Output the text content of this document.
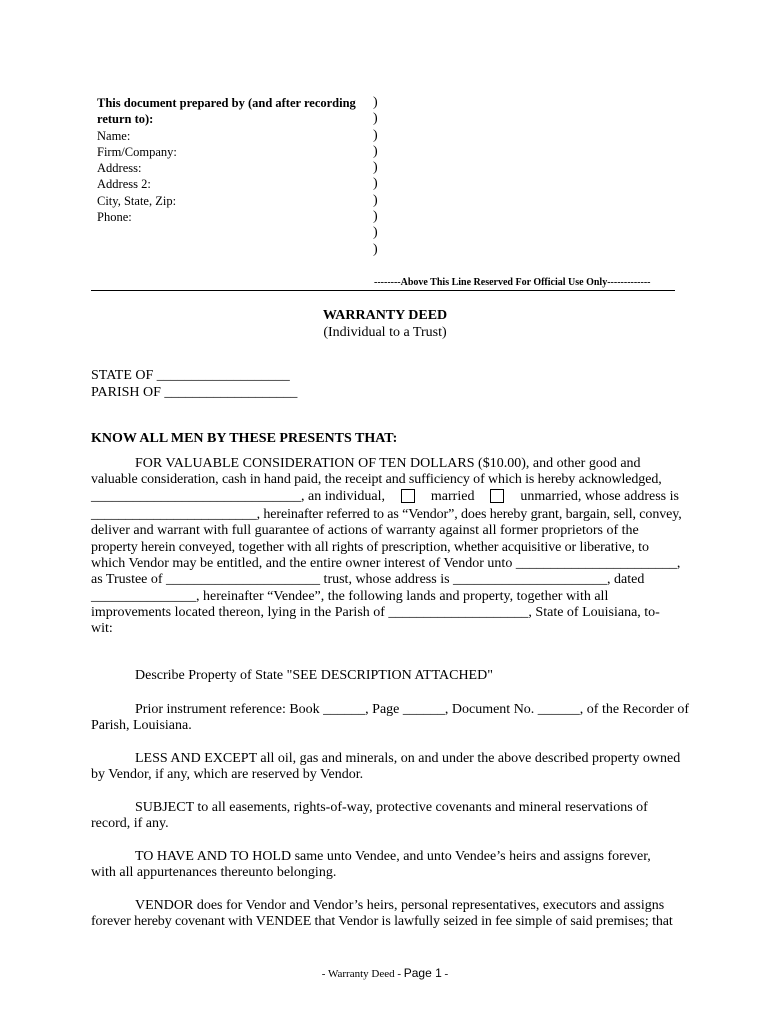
This document prepared by (and after recording
return to):
Name:
Firm/Company:
Address:
Address 2:
City, State, Zip:
Phone:
)
)
)
)
)
)
)
)
)
)
--------Above This Line Reserved For Official Use Only-------------
WARRANTY DEED
(Individual to a Trust)
STATE OF ___________________
PARISH OF ___________________
KNOW ALL MEN BY THESE PRESENTS THAT:
FOR VALUABLE CONSIDERATION OF TEN DOLLARS ($10.00), and other good and
valuable consideration, cash in hand paid, the receipt and sufficiency of which is hereby acknowledged,
______________________________, an individual,	married	unmarried, whose address is
________________________, hereinafter referred to as “Vendor”, does hereby grant, bargain, sell, convey,
deliver and warrant with full guarantee of actions of warranty against all former proprietors of the
property herein conveyed, together with all rights of prescription, whether acquisitive or liberative, to
which Vendor may be entitled, and the entire owner interest of Vendor unto _______________________,
as Trustee of ______________________ trust, whose address is ______________________, dated
_______________, hereinafter “Vendee”, the following lands and property, together with all
improvements located thereon, lying in the Parish of ____________________, State of Louisiana, to-
wit:
Describe Property of State "SEE DESCRIPTION ATTACHED"
Prior instrument reference: Book ______, Page ______, Document No. ______, of the Recorder of
Parish, Louisiana.
LESS AND EXCEPT all oil, gas and minerals, on and under the above described property owned
by Vendor, if any, which are reserved by Vendor.
SUBJECT to all easements, rights-of-way, protective covenants and mineral reservations of
record, if any.
TO HAVE AND TO HOLD same unto Vendee, and unto Vendee’s heirs and assigns forever,
with all appurtenances thereunto belonging.
VENDOR does for Vendor and Vendor’s heirs, personal representatives, executors and assigns
forever hereby covenant with VENDEE that Vendor is lawfully seized in fee simple of said premises; that
- Warranty Deed - Page 1 -
